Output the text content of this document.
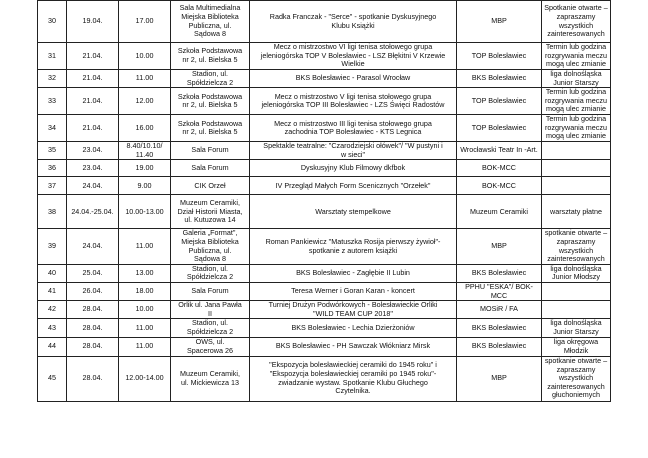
30	19.04.	17.00	Sala Multimedialna
Miejska Biblioteka
Publiczna, ul.
Sądowa 8	Radka Franczak - "Serce" - spotkanie Dyskusyjnego
Klubu Książki	MBP	Spotkanie otwarte –
zapraszamy
wszystkich
zainteresowanych
31	21.04.	10.00	Szkoła Podstawowa
nr 2, ul. Bielska 5	Mecz o mistrzostwo VI ligi tenisa stołowego grupa
jeleniogórska TOP V Bolesławiec - LSZ Błękitni V Krzewie
Wielkie	TOP Bolesławiec	Termin lub godzina
rozgrywania meczu
mogą ulec zmianie
32	21.04.	11.00	Stadion, ul.
Spółdzielcza 2	BKS Bolesławiec - Parasol Wrocław	BKS Bolesławiec	liga dolnośląska
Junior Starszy
33	21.04.	12.00	Szkoła Podstawowa
nr 2, ul. Bielska 5	Mecz o mistrzostwo V ligi tenisa stołowego grupa
jeleniogórska TOP III Bolesławiec - LZS Święci Radostów	TOP Bolesławiec	Termin lub godzina
rozgrywania meczu
mogą ulec zmianie
34	21.04.	16.00	Szkoła Podstawowa
nr 2, ul. Bielska 5	Mecz o mistrzostwo III ligi tenisa stołowego grupa
zachodnia TOP Bolesławiec - KTS Legnica	TOP Bolesławiec	Termin lub godzina
rozgrywania meczu
mogą ulec zmianie
35	23.04.	8.40/10.10/
11.40	Sala Forum	Spektakle teatralne: "Czarodziejski ołówek"/ "W pustyni i
w sieci"	Wrocławski Teatr In -Art.	
36	23.04.	19.00	Sala Forum	Dyskusyjny Klub Filmowy dkfbok	BOK-MCC	
37	24.04.	9.00	CIK Orzeł	IV Przegląd Małych Form Scenicznych "Orzełek"	BOK-MCC	
38	24.04.-25.04.	10.00-13.00	Muzeum Ceramiki,
Dział Historii Miasta,
ul. Kutuzowa 14	Warsztaty stempelkowe	Muzeum Ceramiki	warsztaty płatne
39	24.04.	11.00	Galeria „Format",
Miejska Biblioteka
Publiczna, ul.
Sądowa 8	Roman Pankiewicz "Matuszka Rosija pierwszy żywioł"-
spotkanie z autorem książki	MBP	spotkanie otwarte –
zapraszamy
wszystkich
zainteresowanych
40	25.04.	13.00	Stadion, ul.
Spółdzielcza 2	BKS Bolesławiec - Zagłębie II Lubin	BKS Bolesławiec	liga dolnośląska
Junior Młodszy
41	26.04.	18.00	Sala Forum	Teresa Werner i Goran Karan - koncert	PPHU "ESKA"/ BOK-
MCC	
42	28.04.	10.00	Orlik ul. Jana Pawła
II	Turniej Drużyn Podwórkowych - Bolesławieckie Orliki
"WILD TEAM CUP 2018"	MOSiR / FA	
43	28.04.	11.00	Stadion, ul.
Spółdzielcza 2	BKS Bolesławiec - Lechia Dzierżoniów	BKS Bolesławiec	liga dolnośląska
Junior Starszy
44	28.04.	11.00	OWS, ul.
Spacerowa 26	BKS Bolesławiec - PH Sawczak Włókniarz Mirsk	BKS Bolesławiec	liga okręgowa
Młodzik
45	28.04.	12.00-14.00	Muzeum Ceramiki,
ul. Mickiewicza 13	"Ekspozycja bolesławieckiej ceramiki do 1945 roku" i
"Ekspozycja bolesławieckiej ceramiki po 1945 roku"-
zwiadzanie wystaw. Spotkanie Klubu Głuchego
Czytelnika.	MBP	spotkanie otwarte –
zapraszamy
wszystkich
zainteresowanych
głuchoniemych
